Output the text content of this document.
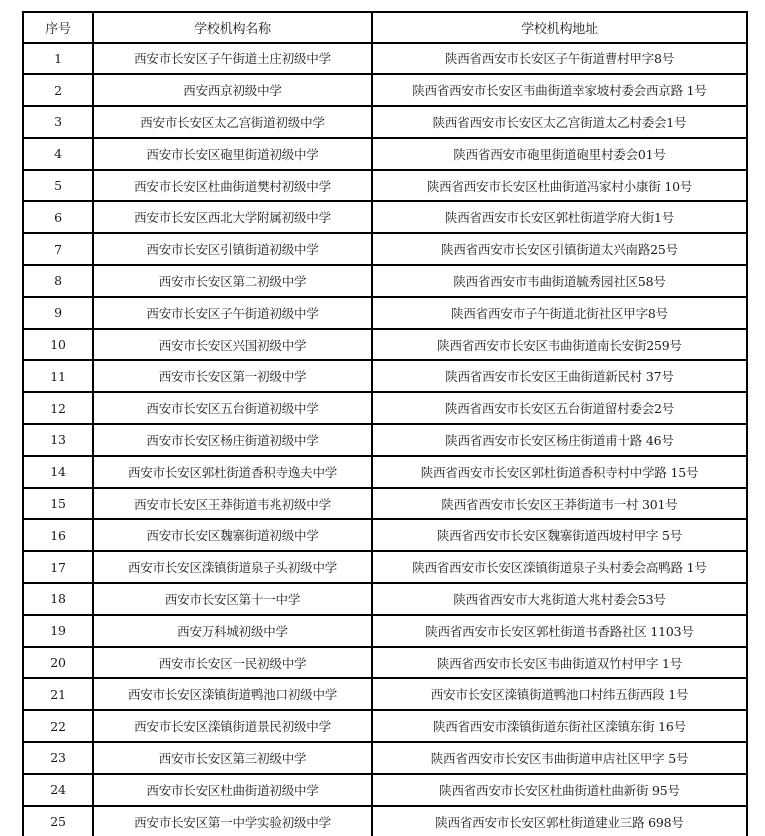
序号	学校机构名称	学校机构地址
1	西安市长安区子午街道土庄初级中学	陕西省西安市长安区子午街道曹村甲字8号
2	西安西京初级中学	陕西省西安市长安区韦曲街道幸家坡村委会西京路 1号
3	西安市长安区太乙宫街道初级中学	陕西省西安市长安区太乙宫街道太乙村委会1号
4	西安市长安区砲里街道初级中学	陕西省西安市砲里街道砲里村委会01号
5	西安市长安区杜曲街道樊村初级中学	陕西省西安市长安区杜曲街道冯家村小康街 10号
6	西安市长安区西北大学附属初级中学	陕西省西安市长安区郭杜街道学府大街1号
7	西安市长安区引镇街道初级中学	陕西省西安市长安区引镇街道太兴南路25号
8	西安市长安区第二初级中学	陕西省西安市韦曲街道毓秀园社区58号
9	西安市长安区子午街道初级中学	陕西省西安市子午街道北街社区甲字8号
10	西安市长安区兴国初级中学	陕西省西安市长安区韦曲街道南长安街259号
11	西安市长安区第一初级中学	陕西省西安市长安区王曲街道新民村 37号
12	西安市长安区五台街道初级中学	陕西省西安市长安区五台街道留村委会2号
13	西安市长安区杨庄街道初级中学	陕西省西安市长安区杨庄街道甫十路 46号
14	西安市长安区郭杜街道香积寺逸夫中学	陕西省西安市长安区郭杜街道香积寺村中学路 15号
15	西安市长安区王莽街道韦兆初级中学	陕西省西安市长安区王莽街道韦一村 301号
16	西安市长安区魏寨街道初级中学	陕西省西安市长安区魏寨街道西坡村甲字 5号
17	西安市长安区滦镇街道泉子头初级中学	陕西省西安市长安区滦镇街道泉子头村委会高鸭路 1号
18	西安市长安区第十一中学	陕西省西安市大兆街道大兆村委会53号
19	西安万科城初级中学	陕西省西安市长安区郭杜街道书香路社区 1103号
20	西安市长安区一民初级中学	陕西省西安市长安区韦曲街道双竹村甲字 1号
21	西安市长安区滦镇街道鸭池口初级中学	西安市长安区滦镇街道鸭池口村纬五街西段 1号
22	西安市长安区滦镇街道景民初级中学	陕西省西安市滦镇街道东街社区滦镇东街 16号
23	西安市长安区第三初级中学	陕西省西安市长安区韦曲街道申店社区甲字 5号
24	西安市长安区杜曲街道初级中学	陕西省西安市长安区杜曲街道杜曲新街 95号
25	西安市长安区第一中学实验初级中学	陕西省西安市长安区郭杜街道建业三路 698号
